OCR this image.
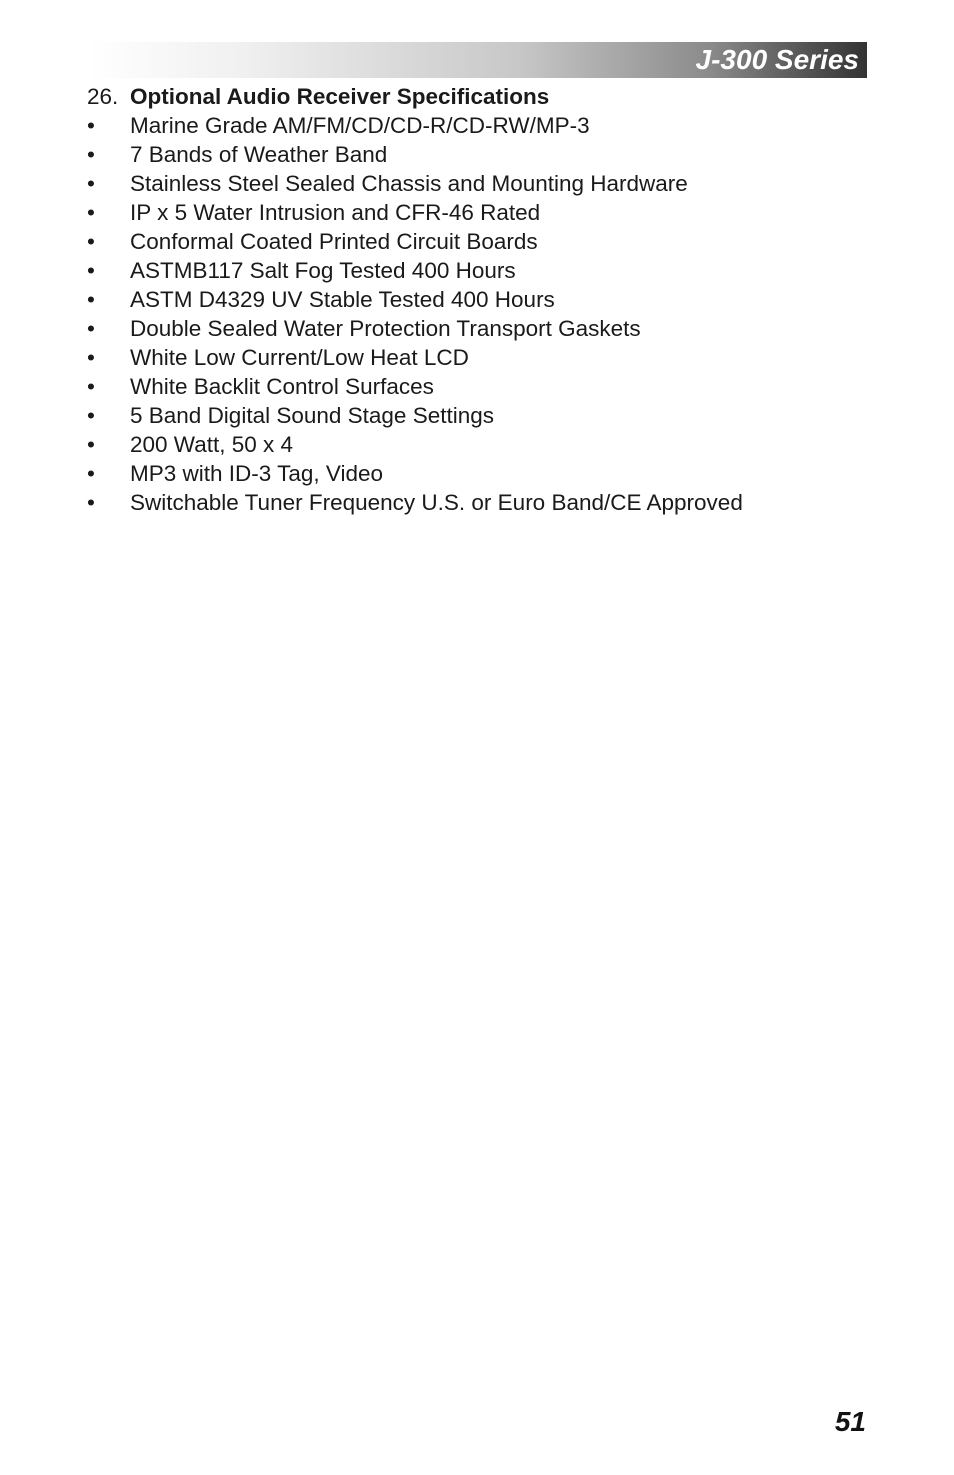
J-300 Series
26. Optional Audio Receiver Specifications
• Marine Grade AM/FM/CD/CD-R/CD-RW/MP-3
• 7 Bands of Weather Band
• Stainless Steel Sealed Chassis and Mounting Hardware
• IP x 5 Water Intrusion and CFR-46 Rated
• Conformal Coated Printed Circuit Boards
• ASTMB117 Salt Fog Tested 400 Hours
• ASTM D4329 UV Stable Tested 400 Hours
• Double Sealed Water Protection Transport Gaskets
• White Low Current/Low Heat LCD
• White Backlit Control Surfaces
• 5 Band Digital Sound Stage Settings
• 200 Watt, 50 x 4
• MP3 with ID-3 Tag, Video
• Switchable Tuner Frequency U.S. or Euro Band/CE Approved
51
